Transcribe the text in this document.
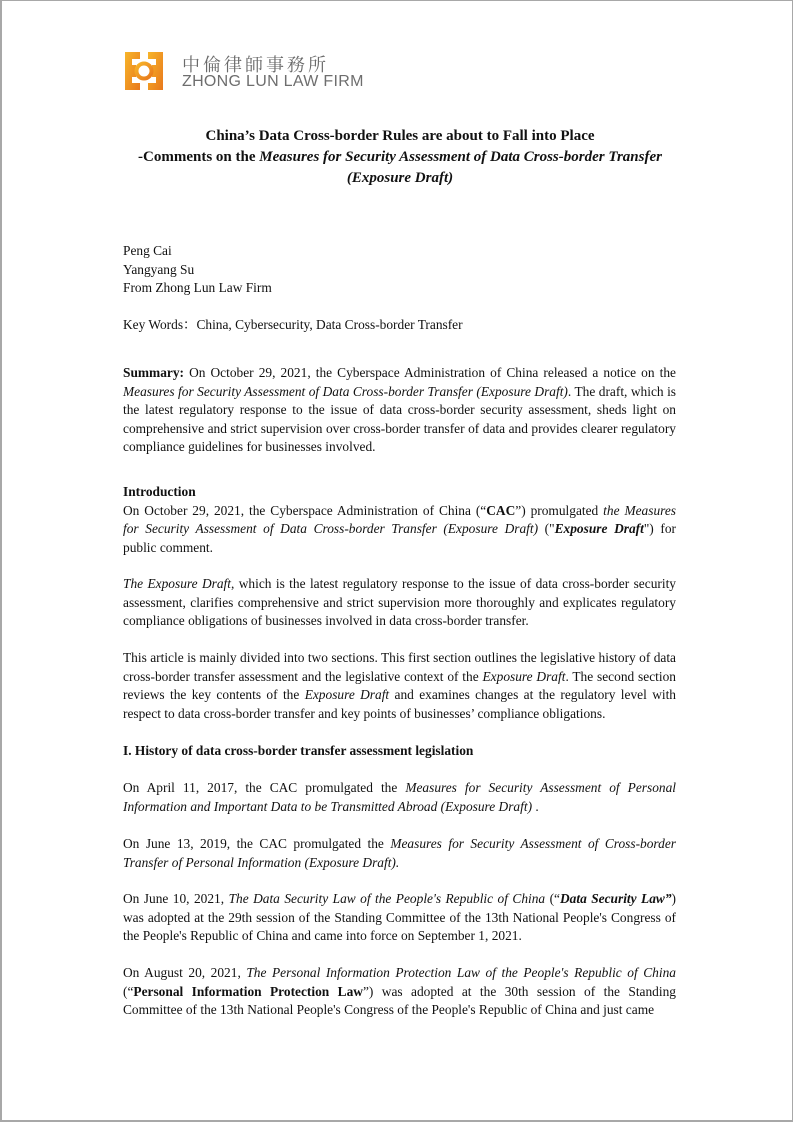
中倫律師事務所
ZHONG LUN LAW FIRM
China’s Data Cross-border Rules are about to Fall into Place
-Comments on the Measures for Security Assessment of Data Cross-border Transfer (Exposure Draft)
Peng Cai
Yangyang Su
From Zhong Lun Law Firm
Key Words：China, Cybersecurity, Data Cross-border Transfer
Summary: On October 29, 2021, the Cyberspace Administration of China released a notice on the Measures for Security Assessment of Data Cross-border Transfer (Exposure Draft). The draft, which is the latest regulatory response to the issue of data cross-border security assessment, sheds light on comprehensive and strict supervision over cross-border transfer of data and provides clearer regulatory compliance guidelines for businesses involved.
Introduction
On October 29, 2021, the Cyberspace Administration of China (“CAC”) promulgated the Measures for Security Assessment of Data Cross-border Transfer (Exposure Draft) ("Exposure Draft") for public comment.
The Exposure Draft, which is the latest regulatory response to the issue of data cross-border security assessment, clarifies comprehensive and strict supervision more thoroughly and explicates regulatory compliance obligations of businesses involved in data cross-border transfer.
This article is mainly divided into two sections. This first section outlines the legislative history of data cross-border transfer assessment and the legislative context of the Exposure Draft. The second section reviews the key contents of the Exposure Draft and examines changes at the regulatory level with respect to data cross-border transfer and key points of businesses’ compliance obligations.
I. History of data cross-border transfer assessment legislation
On April 11, 2017, the CAC promulgated the Measures for Security Assessment of Personal Information and Important Data to be Transmitted Abroad (Exposure Draft) .
On June 13, 2019, the CAC promulgated the Measures for Security Assessment of Cross-border Transfer of Personal Information (Exposure Draft).
On June 10, 2021, The Data Security Law of the People's Republic of China (“Data Security Law”) was adopted at the 29th session of the Standing Committee of the 13th National People's Congress of the People's Republic of China and came into force on September 1, 2021.
On August 20, 2021, The Personal Information Protection Law of the People's Republic of China (“Personal Information Protection Law”) was adopted at the 30th session of the Standing Committee of the 13th National People's Congress of the People's Republic of China and just came
